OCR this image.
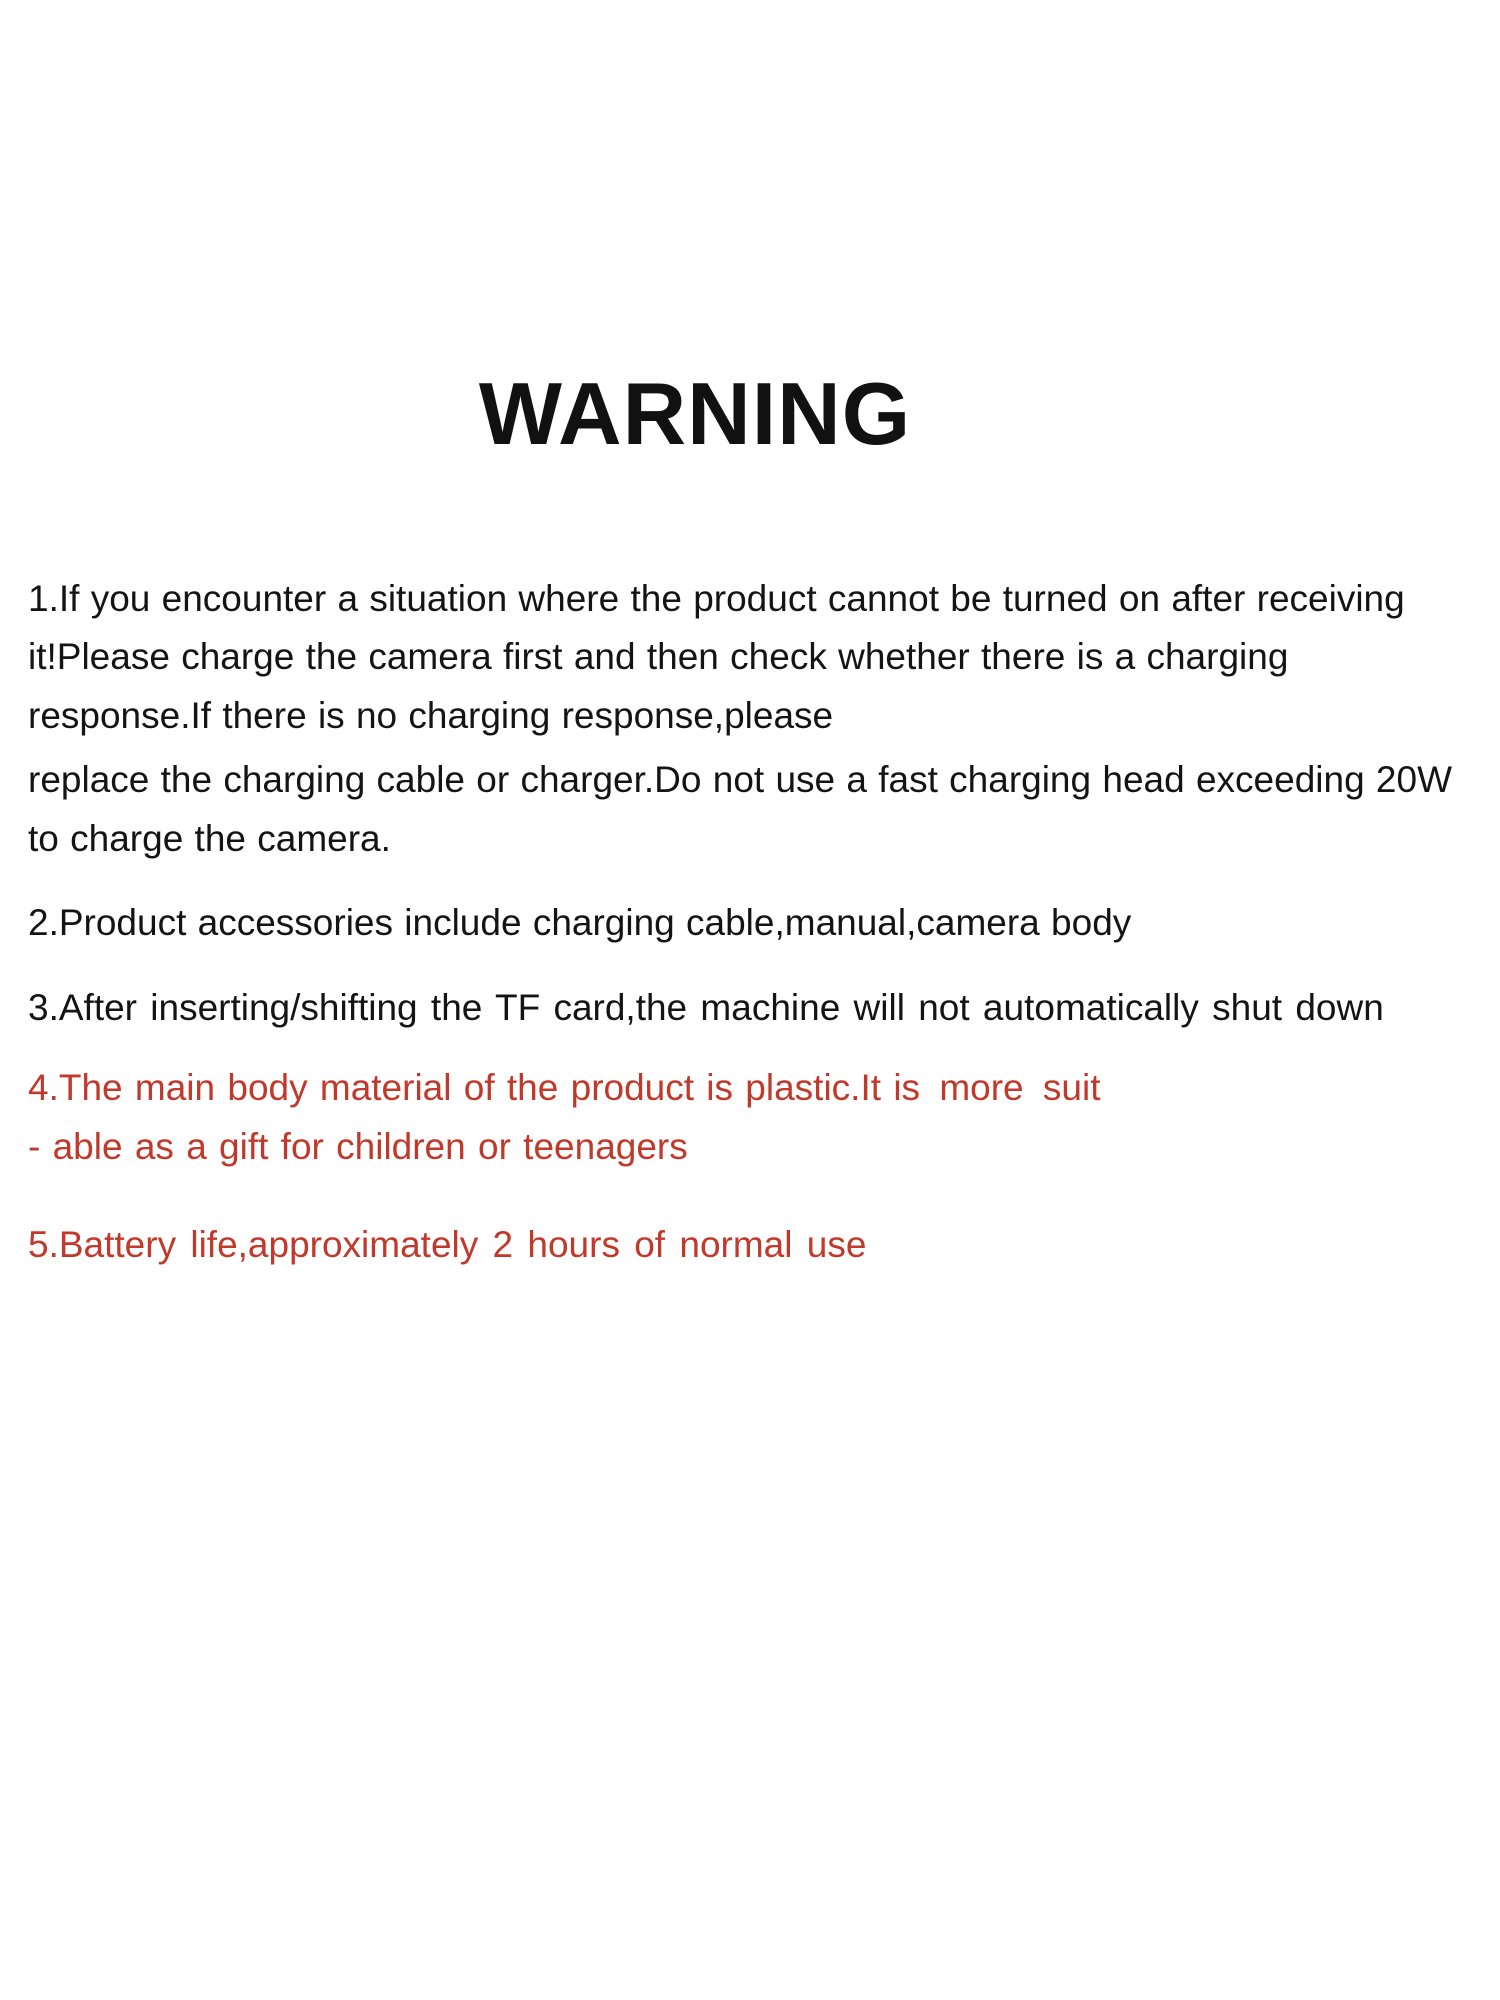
WARNING

1.If you encounter a situation where the product cannot be turned on after receiving it!Please charge the camera first and then check whether there is a charging response.If there is no charging response,please

replace the charging cable or charger.Do not use a fast charging head exceeding 20W to charge the camera.

2.Product accessories include charging cable,manual,camera body

3.After inserting/shifting the TF card,the machine will not automatically shut down

4.The main body material of the product is plastic.It is more suit
- able as a gift for children or teenagers

5.Battery life,approximately 2 hours of normal use
